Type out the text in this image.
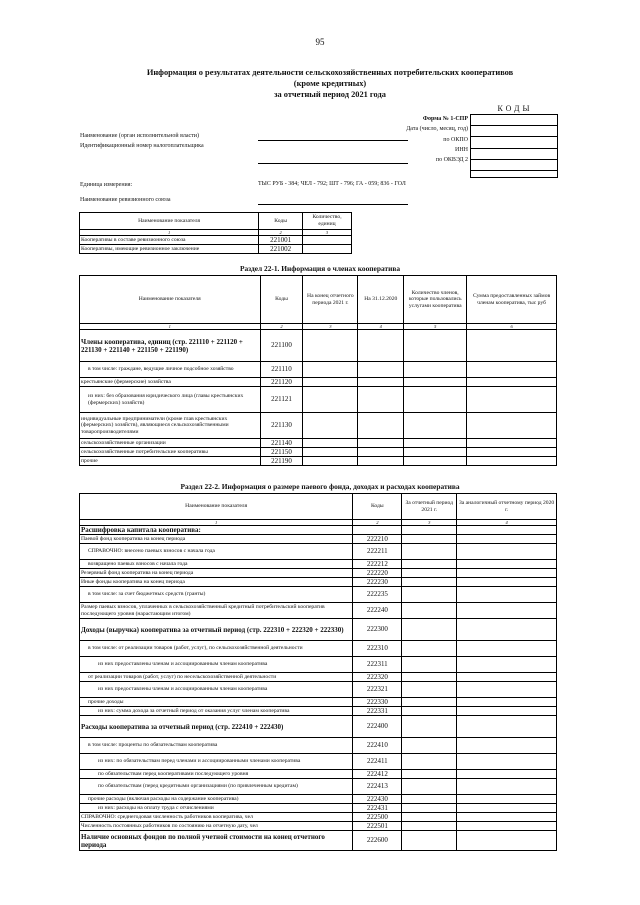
95
Информация о результатах деятельности сельскохозяйственных потребительских кооперативов
(кроме кредитных)
за отчетный период 2021 года
КОДЫ
Форма № 1-СПР
Дата (число, месяц, год)
по ОКПО
ИНН
по ОКВЭД 2
Наименование (орган исполнительной власти)
Идентификационный номер налогоплательщика
Единица измерения:	ТЫС РУБ - 384; ЧЕЛ - 792; ШТ - 796; ГА - 059; 836 - ГОЛ
Наименование ревизионного союза
Наименование показателя	Коды	Количество, единиц
1	2	3
Кооперативы в составе ревизионного союза	221001	
Кооперативы, имеющие ревизионное заключение	221002	
Раздел 22-1. Информация о членах кооператива
Наименование показателя	Коды	На конец отчетного периода 2021 г.	На 31.12.2020	Количество членов, которые пользовались услугами кооператива	Сумма предоставленных займов членам кооператива, тыс руб
1	2	3	4	5	6
Члены кооператива, единиц (стр. 221110 + 221120 + 221130 + 221140 + 221150 + 221190)	221100				
в том числе: граждане, ведущие личное подсобное хозяйство	221110				
крестьянские (фермерские) хозяйства	221120				
из них: без образования юридического лица (главы крестьянских (фермерских) хозяйств)	221121				
индивидуальные предприниматели (кроме глав крестьянских (фермерских) хозяйств), являющиеся сельскохозяйственными товаропроизводителями	221130				
сельскохозяйственные организации	221140				
сельскохозяйственные потребительские кооперативы	221150				
прочие	221190				
Раздел 22-2. Информация о размере паевого фонда, доходах и расходах кооператива
Наименование показателя	Коды	За отчетный период 2021 г.	За аналогичный отчетному период 2020 г.
1	2	3	4
Расшифровка капитала кооператива:			
Паевой фонд кооператива на конец периода	222210		
СПРАВОЧНО: внесено паевых взносов с начала года	222211		
возвращено паевых взносов с начала года	222212		
Резервный фонд кооператива на конец периода	222220		
Иные фонды кооператива на конец периода	222230		
в том числе: за счет бюджетных средств (гранты)	222235		
Размер паевых взносов, уплаченных в сельскохозяйственный кредитный потребительский кооператив последующего уровня (нарастающим итогом)	222240		
Доходы (выручка) кооператива за отчетный период (стр. 222310 + 222320 + 222330)	222300		
в том числе: от реализации товаров (работ, услуг), по сельскохозяйственной деятельности	222310		
из них предоставлены членам и ассоциированным членам кооператива	222311		
от реализации товаров (работ, услуг) по несельскохозяйственной деятельности	222320		
из них предоставлены членам и ассоциированным членам кооператива	222321		
прочие доходы	222330		
из них: сумма дохода за отчетный период от оказания услуг членам кооператива	222331		
Расходы кооператива за отчетный период (стр. 222410 + 222430)	222400		
в том числе: проценты по обязательствам кооператива	222410		
из них: по обязательствам перед членами и ассоциированными членами кооператива	222411		
по обязательствам перед кооперативами последующего уровня	222412		
по обязательствам (перед кредитными организациями (по привлеченным кредитам)	222413		
прочие расходы (включая расходы на содержание кооператива)	222430		
из них: расходы на оплату труда с отчислениями	222431		
СПРАВОЧНО: среднегодовая численность работников кооператива, чел	222500		
Численность постоянных работников по состоянию на отчетную дату, чел	222501		
Наличие основных фондов по полной учетной стоимости на конец отчетного периода	222600		
